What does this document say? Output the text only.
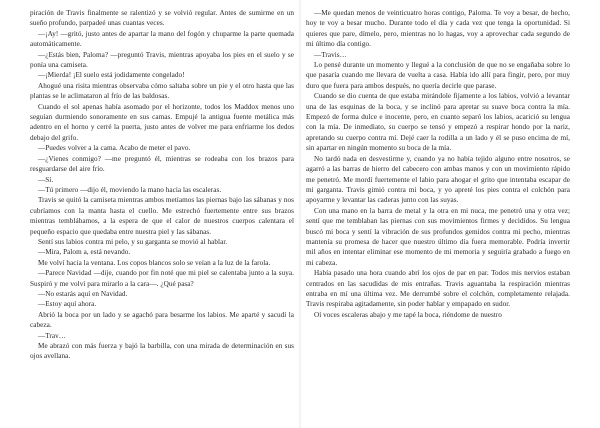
piración de Travis finalmente se ralentizó y se volvió regular. Antes de sumirme en un sueño profundo, parpadeé unas cuantas veces.

—¡Ay! —gritó, justo antes de apartar la mano del fogón y chuparme la parte quemada automáticamente.

—¿Estás bien, Paloma? —preguntó Travis, mientras apoyaba los pies en el suelo y se ponía una camiseta.

—¡Mierda! ¡El suelo está jodidamente congelado!

Ahogué una risita mientras observaba cómo saltaba sobre un pie y el otro hasta que las plantas se le aclimataron al frío de las baldosas.

Cuando el sol apenas había asomado por el horizonte, todos los Maddox menos uno seguían durmiendo sonoramente en sus camas. Empujé la antigua fuente metálica más adentro en el horno y cerré la puerta, justo antes de volver me para enfriarme los dedos debajo del grifo.

—Puedes volver a la cama. Acabo de meter el pavo.

—¿Vienes conmigo? —me preguntó él, mientras se rodeaba con los brazos para resguardarse del aire frío.

—Sí.

—Tú primero —dijo él, moviendo la mano hacia las escaleras.

Travis se quitó la camiseta mientras ambos metíamos las piernas bajo las sábanas y nos cubríamos con la manta hasta el cuello. Me estrechó fuertemente entre sus brazos mientras temblábamos, a la espera de que el calor de nuestros cuerpos calentara el pequeño espacio que quedaba entre nuestra piel y las sábanas.

Sentí sus labios contra mi pelo, y su garganta se movió al hablar.

—Mira, Palom a, está nevando.

Me volví hacia la ventana. Los copos blancos solo se veían a la luz de la farola.

—Parece Navidad —dije, cuando por fin noté que mi piel se calentaba junto a la suya. Suspiró y me volví para mirarlo a la cara—. ¿Qué pasa?

—No estarás aquí en Navidad.

—Estoy aquí ahora.

Abrió la boca por un lado y se agachó para besarme los labios. Me aparté y sacudí la cabeza.

—Trav…

Me abrazó con más fuerza y bajó la barbilla, con una mirada de determinación en sus ojos avellana.

—Me quedan menos de veinticuatro horas contigo, Paloma. Te voy a besar, de hecho, hoy te voy a besar mucho. Durante todo el día y cada vez que tenga la oportunidad. Si quieres que pare, dímelo, pero, mientras no lo hagas, voy a aprovechar cada segundo de mi último día contigo.

—Travis…

Lo pensé durante un momento y llegué a la conclusión de que no se engañaba sobre lo que pasaría cuando me llevara de vuelta a casa. Había ido allí para fingir, pero, por muy duro que fuera para ambos después, no quería decirle que parase.

Cuando se dio cuenta de que estaba mirándole fijamente a los labios, volvió a levantar una de las esquinas de la boca, y se inclinó para apretar su suave boca contra la mía. Empezó de forma dulce e inocente, pero, en cuanto separó los labios, acarició su lengua con la mía. De inmediato, su cuerpo se tensó y empezó a respirar hondo por la nariz, apretando su cuerpo contra mí. Dejé caer la rodilla a un lado y él se puso encima de mí, sin apartar en ningún momento su boca de la mía.

No tardó nada en desvestirme y, cuando ya no había tejido alguno entre nosotros, se agarró a las barras de hierro del cabecero con ambas manos y con un movimiento rápido me penetró. Me mordí fuertemente el labio para ahogar el grito que intentaba escapar de mi garganta. Travis gimió contra mi boca, y yo apreté los pies contra el colchón para apoyarme y levantar las caderas junto con las suyas.

Con una mano en la barra de metal y la otra en mi nuca, me penetró una y otra vez; sentí que me temblaban las piernas con sus movimientos firmes y decididos. Su lengua buscó mi boca y sentí la vibración de sus profundos gemidos contra mi pecho, mientras mantenía su promesa de hacer que nuestro último día fuera memorable. Podría invertir mil años en intentar eliminar ese momento de mi memoria y seguiría grabado a fuego en mi cabeza.

Había pasado una hora cuando abrí los ojos de par en par. Todos mis nervios estaban centrados en las sacudidas de mis entrañas. Travis aguantaba la respiración mientras entraba en mí una última vez. Me derrumbé sobre el colchón, completamente relajada. Travis respiraba agitadamente, sin poder hablar y empapado en sudor.

Oí voces escaleras abajo y me tapé la boca, riéndome de nuestro
